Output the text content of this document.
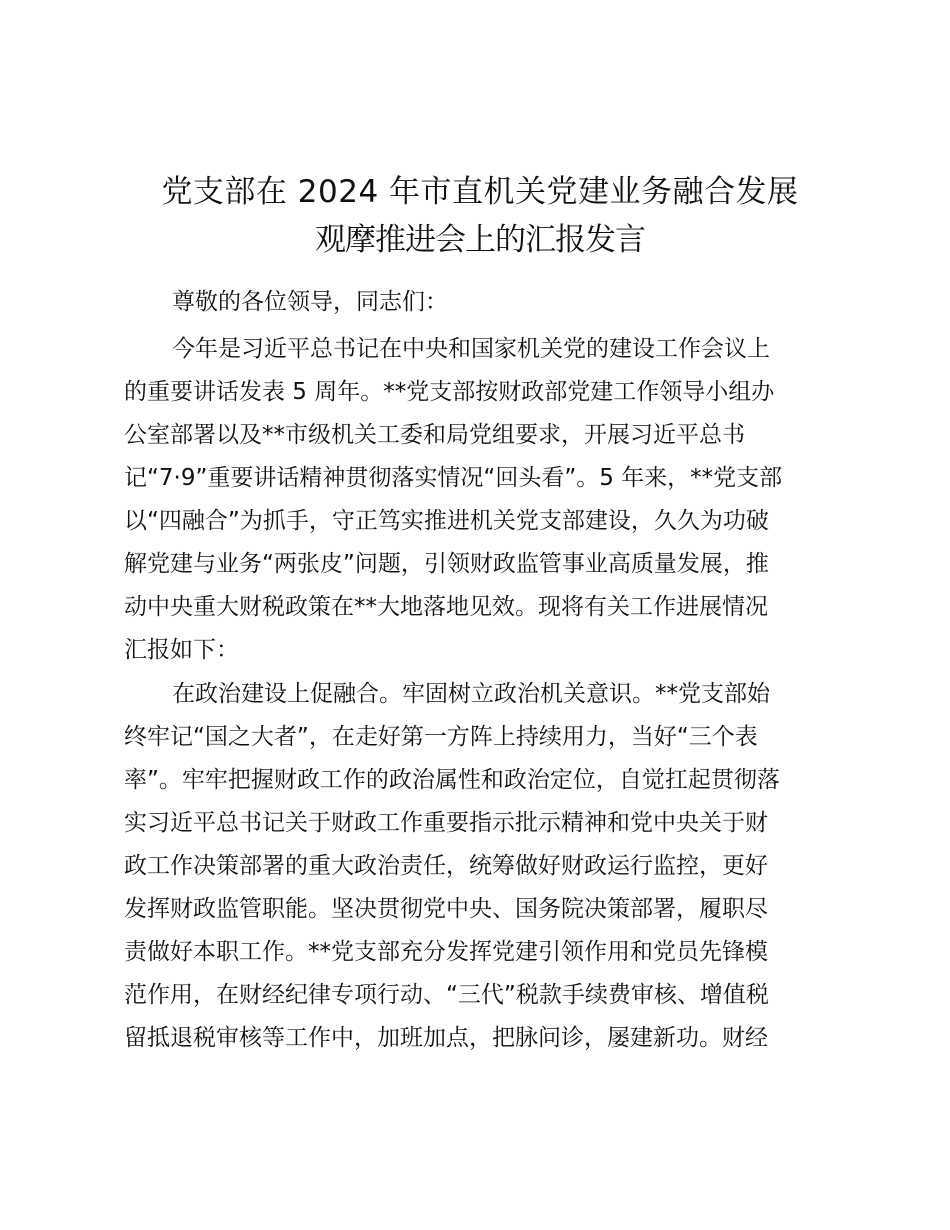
党支部在 2024 年市直机关党建业务融合发展
观摩推进会上的汇报发言
尊敬的各位领导，同志们：
今年是习近平总书记在中央和国家机关党的建设工作会议上
的重要讲话发表 5 周年。**党支部按财政部党建工作领导小组办
公室部署以及**市级机关工委和局党组要求，开展习近平总书
记“7·9”重要讲话精神贯彻落实情况“回头看”。5 年来，**党支部
以“四融合”为抓手，守正笃实推进机关党支部建设，久久为功破
解党建与业务“两张皮”问题，引领财政监管事业高质量发展，推
动中央重大财税政策在**大地落地见效。现将有关工作进展情况
汇报如下：
在政治建设上促融合。牢固树立政治机关意识。**党支部始
终牢记“国之大者”，在走好第一方阵上持续用力，当好“三个表
率”。牢牢把握财政工作的政治属性和政治定位，自觉扛起贯彻落
实习近平总书记关于财政工作重要指示批示精神和党中央关于财
政工作决策部署的重大政治责任，统筹做好财政运行监控，更好
发挥财政监管职能。坚决贯彻党中央、国务院决策部署，履职尽
责做好本职工作。**党支部充分发挥党建引领作用和党员先锋模
范作用，在财经纪律专项行动、“三代”税款手续费审核、增值税
留抵退税审核等工作中，加班加点，把脉问诊，屡建新功。财经
